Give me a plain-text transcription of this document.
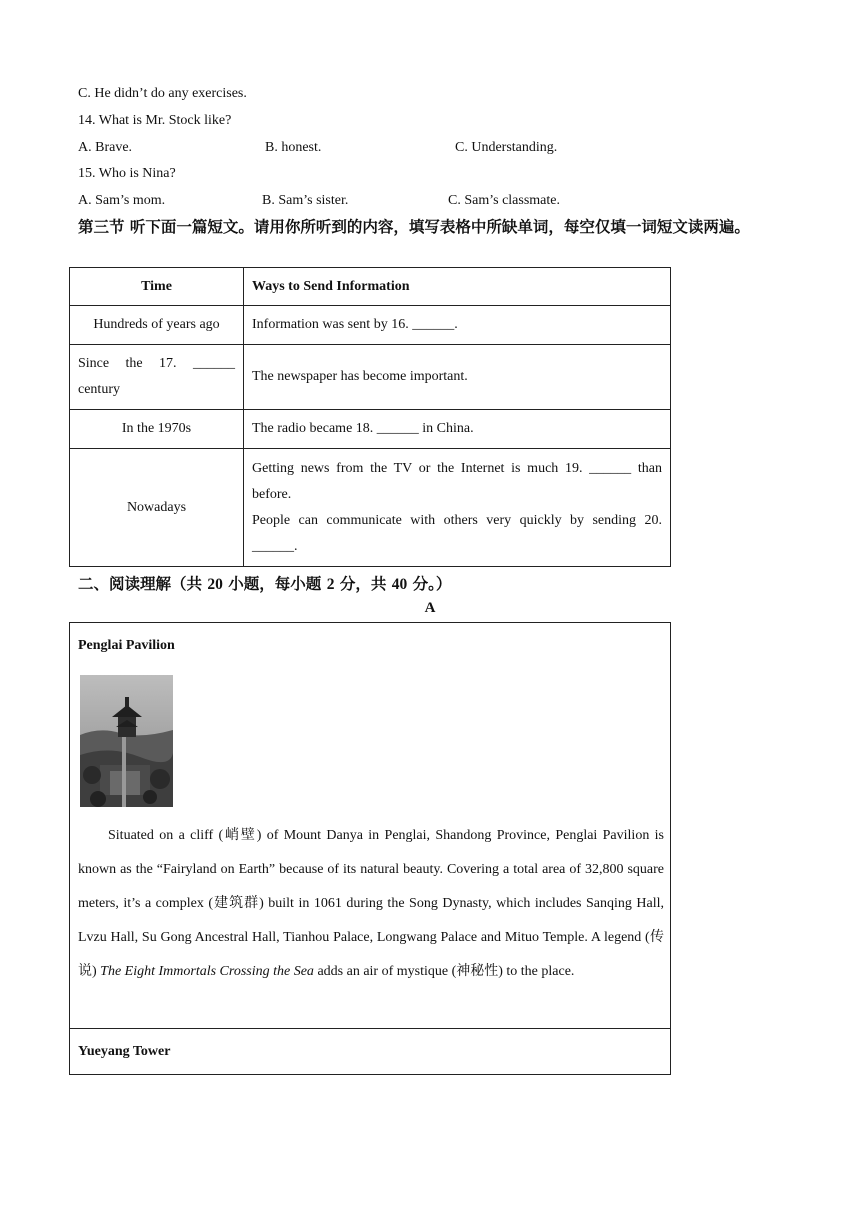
C. He didn’t do any exercises.
14. What is Mr. Stock like?
A. Brave.	B. honest.	C. Understanding.
15. Who is Nina?
A. Sam’s mom.	B. Sam’s sister.	C. Sam’s classmate.
第三节 听下面一篇短文。请用你所听到的内容，填写表格中所缺单词，每空仅填一词短文读两遍。
Time	Ways to Send Information
Hundreds of years ago	Information was sent by 16. ______.
Since the 17. ______ century	The newspaper has become important.
In the 1970s	The radio became 18. ______ in China.
Nowadays	Getting news from the TV or the Internet is much 19. ______ than before.
People can communicate with others very quickly by sending 20. ______.
二、阅读理解（共 20 小题，每小题 2 分，共 40 分。）
A
Penglai Pavilion
Situated on a cliff (峭壁) of Mount Danya in Penglai, Shandong Province, Penglai Pavilion is known as the “Fairyland on Earth” because of its natural beauty. Covering a total area of 32,800 square meters, it’s a complex (建筑群) built in 1061 during the Song Dynasty, which includes Sanqing Hall, Lvzu Hall, Su Gong Ancestral Hall, Tianhou Palace, Longwang Palace and Mituo Temple. A legend (传说) The Eight Immortals Crossing the Sea adds an air of mystique (神秘性) to the place.
Yueyang Tower
